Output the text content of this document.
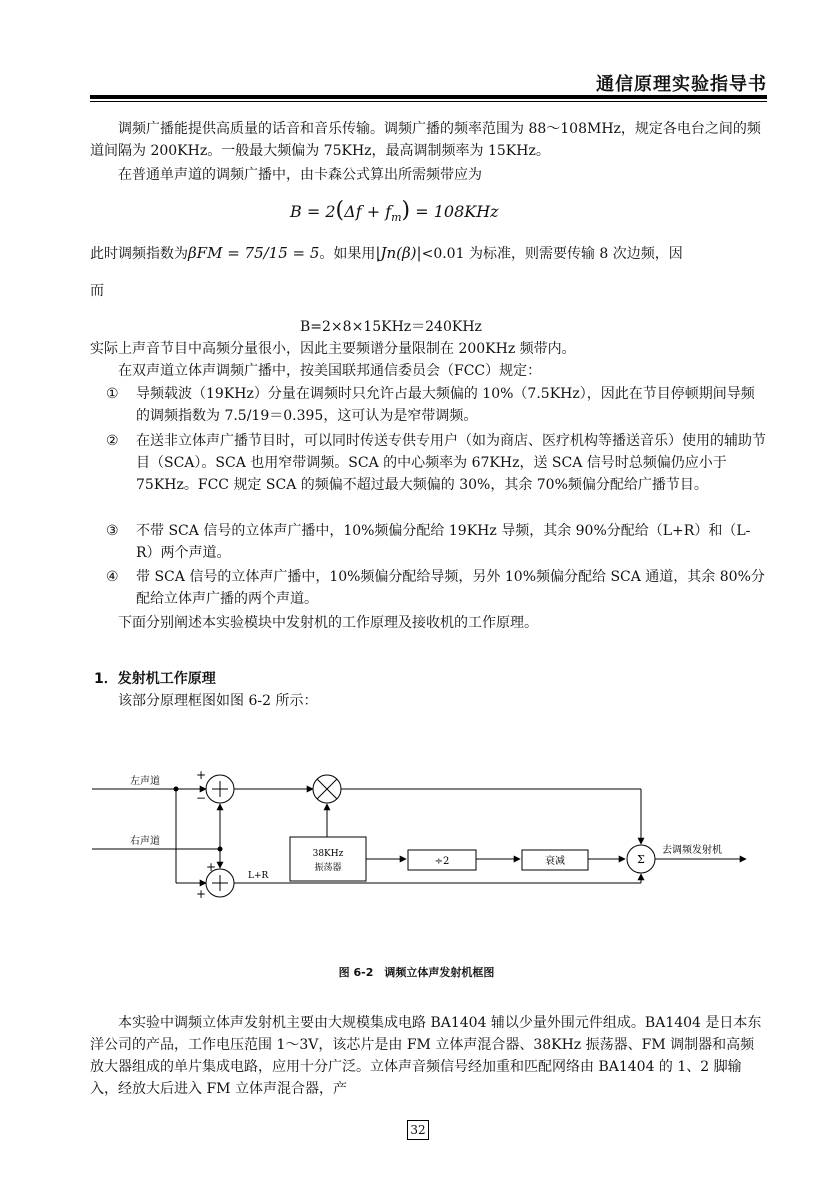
通信原理实验指导书
调频广播能提供高质量的话音和音乐传输。调频广播的频率范围为 88～108MHz，规定各电台之间的频道间隔为 200KHz。一般最大频偏为 75KHz，最高调制频率为 15KHz。
在普通单声道的调频广播中，由卡森公式算出所需频带应为
$B = 2(\Delta f + f_m) = 108KHz$
此时调频指数为βFM = 75/15 = 5。如果用|Jn(β)|<0.01 为标准，则需要传输 8 次边频，因
而
B=2×8×15KHz＝240KHz
实际上声音节目中高频分量很小，因此主要频谱分量限制在 200KHz 频带内。
在双声道立体声调频广播中，按美国联邦通信委员会（FCC）规定：
①	导频载波（19KHz）分量在调频时只允许占最大频偏的 10%（7.5KHz），因此在节目停顿期间导频的调频指数为 7.5/19＝0.395，这可认为是窄带调频。
②	在送非立体声广播节目时，可以同时传送专供专用户（如为商店、医疗机构等播送音乐）使用的辅助节目（SCA）。SCA 也用窄带调频。SCA 的中心频率为 67KHz，送 SCA 信号时总频偏仍应小于 75KHz。FCC 规定 SCA 的频偏不超过最大频偏的 30%，其余 70%频偏分配给广播节目。
③	不带 SCA 信号的立体声广播中，10%频偏分配给 19KHz 导频，其余 90%分配给（L+R）和（L-R）两个声道。
④	带 SCA 信号的立体声广播中，10%频偏分配给导频，另外 10%频偏分配给 SCA 通道，其余 80%分配给立体声广播的两个声道。
下面分别阐述本实验模块中发射机的工作原理及接收机的工作原理。
1．发射机工作原理
该部分原理框图如图 6-2 所示：
左声道
右声道
+
−
+
+
L+R
38KHz
振荡器
÷2	衰减	Σ
去调频发射机
图 6-2　调频立体声发射机框图
本实验中调频立体声发射机主要由大规模集成电路 BA1404 辅以少量外围元件组成。BA1404 是日本东洋公司的产品，工作电压范围 1～3V，该芯片是由 FM 立体声混合器、38KHz 振荡器、FM 调制器和高频放大器组成的单片集成电路，应用十分广泛。立体声音频信号经加重和匹配网络由 BA1404 的 1、2 脚输入，经放大后进入 FM 立体声混合器，产
32
